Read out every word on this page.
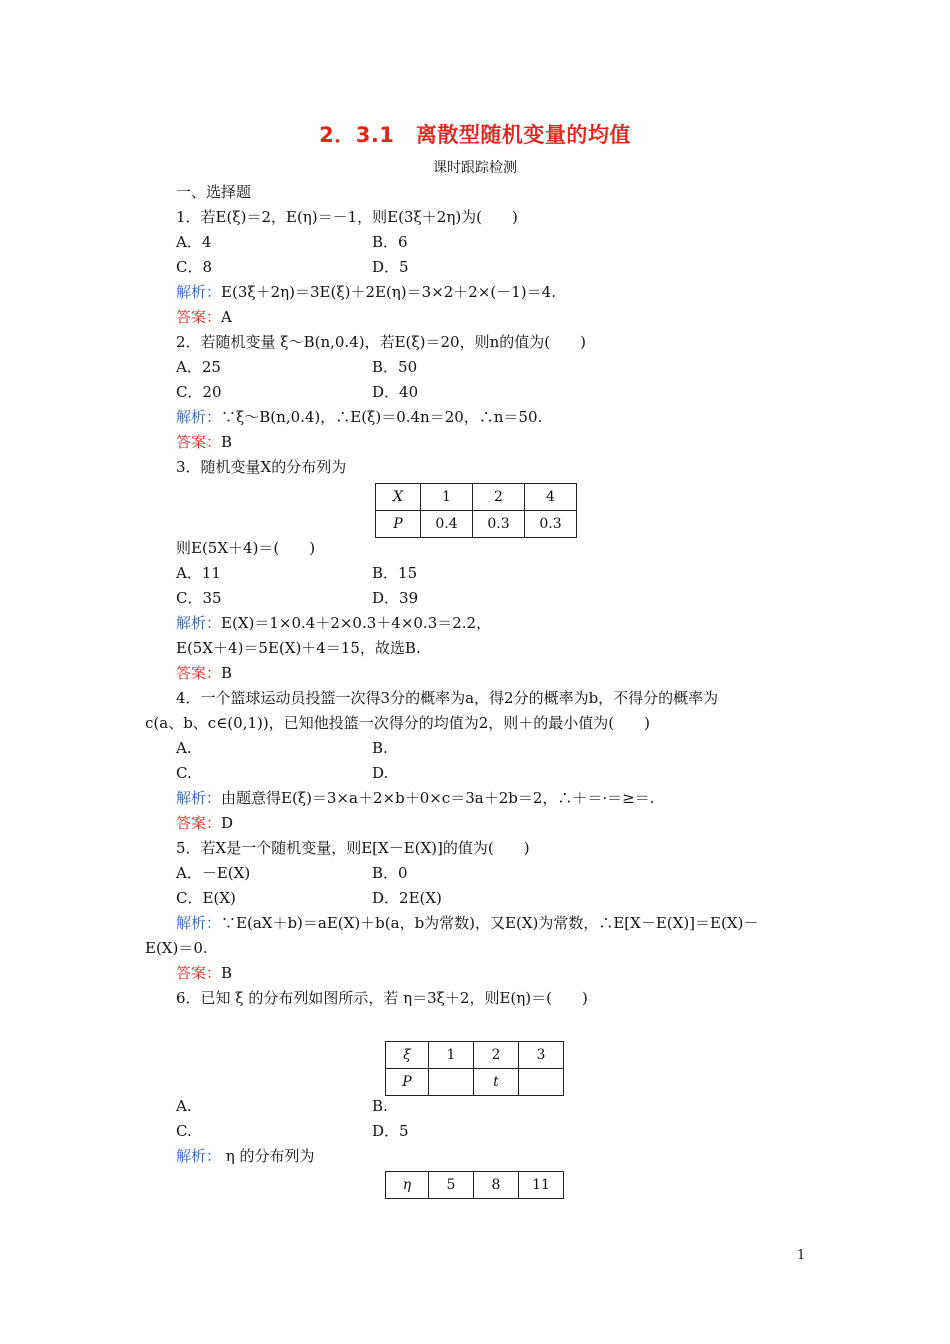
2．3.1　离散型随机变量的均值
课时跟踪检测
一、选择题
1．若E(ξ)＝2，E(η)＝－1，则E(3ξ＋2η)为(　　)
A．4	B．6
C．8	D．5
解析：E(3ξ＋2η)＝3E(ξ)＋2E(η)＝3×2＋2×(－1)＝4.
答案：A
2．若随机变量 ξ～B(n,0.4)，若E(ξ)＝20，则n的值为(　　)
A．25	B．50
C．20	D．40
解析：∵ξ～B(n,0.4)，∴E(ξ)＝0.4n＝20，∴n＝50.
答案：B
3．随机变量X的分布列为
X	1	2	4
P	0.4	0.3	0.3
则E(5X＋4)＝(　　)
A．11	B．15
C．35	D．39
解析：E(X)＝1×0.4＋2×0.3＋4×0.3＝2.2，
E(5X＋4)＝5E(X)＋4＝15，故选B.
答案：B
4．一个篮球运动员投篮一次得3分的概率为a，得2分的概率为b，不得分的概率为
c(a、b、c∈(0,1))，已知他投篮一次得分的均值为2，则＋的最小值为(　　)
A.	B.
C.	D.
解析：由题意得E(ξ)＝3×a＋2×b＋0×c＝3a＋2b＝2，∴＋＝·＝≥＝.
答案：D
5．若X是一个随机变量，则E[X－E(X)]的值为(　　)
A．－E(X)	B．0
C．E(X)	D．2E(X)
解析：∵E(aX＋b)＝aE(X)＋b(a，b为常数)，又E(X)为常数，∴E[X－E(X)]＝E(X)－
E(X)＝0.
答案：B
6．已知 ξ 的分布列如图所示，若 η＝3ξ＋2，则E(η)＝(　　)
ξ	1	2	3
P		t	
A.	B.
C.	D．5
解析： η 的分布列为
η	5	8	11
1
